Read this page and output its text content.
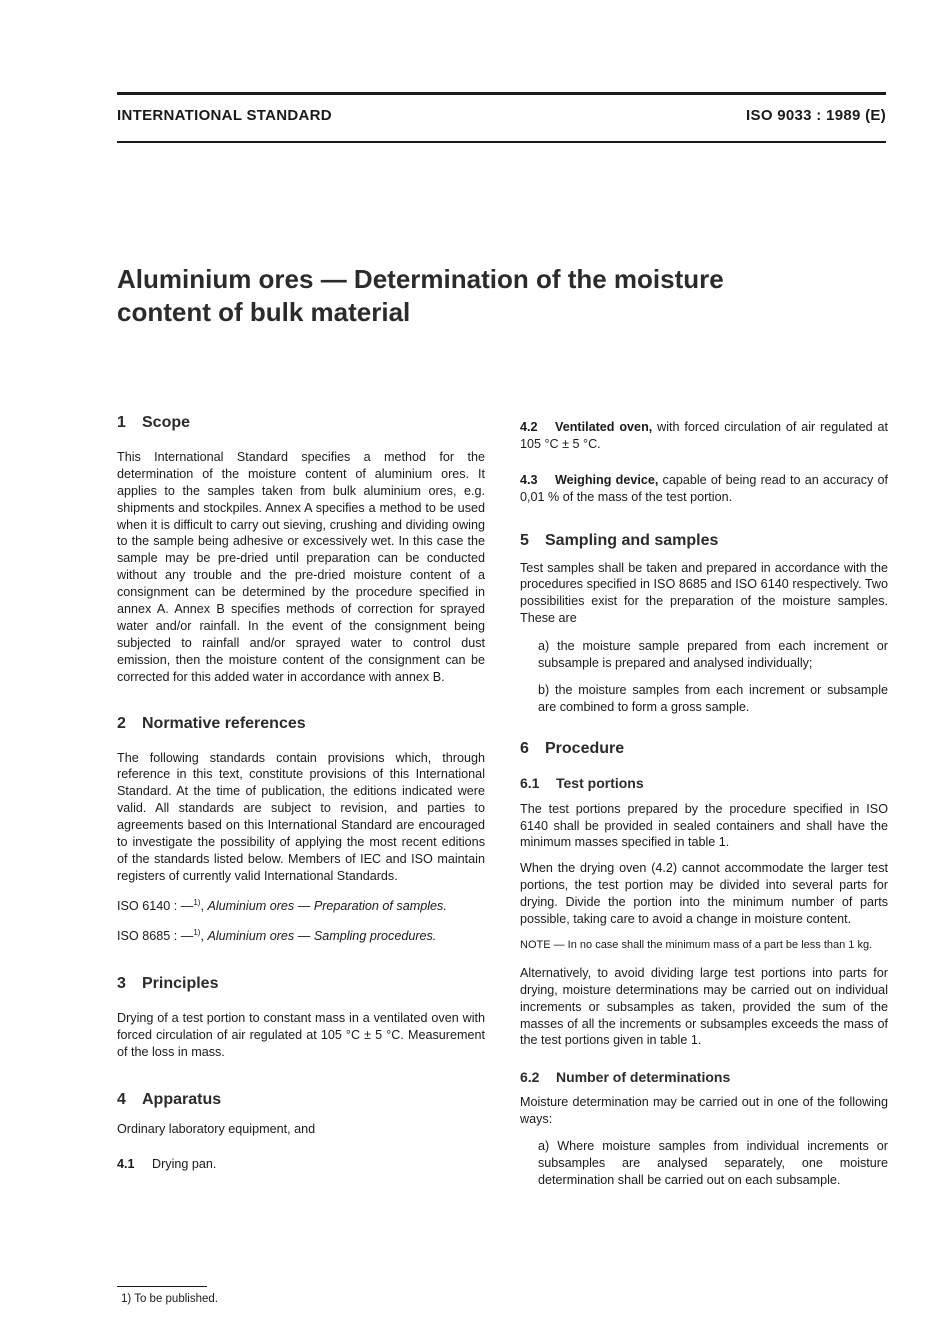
INTERNATIONAL STANDARD	ISO 9033 : 1989 (E)
Aluminium ores — Determination of the moisture
content of bulk material
1 Scope

This International Standard specifies a method for the determination of the moisture content of aluminium ores. It applies to the samples taken from bulk aluminium ores, e.g. shipments and stockpiles. Annex A specifies a method to be used when it is difficult to carry out sieving, crushing and dividing owing to the sample being adhesive or excessively wet. In this case the sample may be pre-dried until preparation can be conducted without any trouble and the pre-dried moisture content of a consignment can be determined by the procedure specified in annex A. Annex B specifies methods of correction for sprayed water and/or rainfall. In the event of the consignment being subjected to rainfall and/or sprayed water to control dust emission, then the moisture content of the consignment can be corrected for this added water in accordance with annex B.

2 Normative references

The following standards contain provisions which, through reference in this text, constitute provisions of this International Standard. At the time of publication, the editions indicated were valid. All standards are subject to revision, and parties to agreements based on this International Standard are encouraged to investigate the possibility of applying the most recent editions of the standards listed below. Members of IEC and ISO maintain registers of currently valid International Standards.

ISO 6140 : —$^{1)}$, Aluminium ores — Preparation of samples.

ISO 8685 : —$^{1)}$, Aluminium ores — Sampling procedures.

3 Principles

Drying of a test portion to constant mass in a ventilated oven with forced circulation of air regulated at 105 °C ± 5 °C. Measurement of the loss in mass.

4 Apparatus

Ordinary laboratory equipment, and

4.1 Drying pan.

4.2 Ventilated oven, with forced circulation of air regulated at 105 °C ± 5 °C.

4.3 Weighing device, capable of being read to an accuracy of 0,01 % of the mass of the test portion.

5 Sampling and samples

Test samples shall be taken and prepared in accordance with the procedures specified in ISO 8685 and ISO 6140 respectively. Two possibilities exist for the preparation of the moisture samples. These are

a) the moisture sample prepared from each increment or subsample is prepared and analysed individually;

b) the moisture samples from each increment or subsample are combined to form a gross sample.

6 Procedure
6.1 Test portions

The test portions prepared by the procedure specified in ISO 6140 shall be provided in sealed containers and shall have the minimum masses specified in table 1.

When the drying oven (4.2) cannot accommodate the larger test portions, the test portion may be divided into several parts for drying. Divide the portion into the minimum number of parts possible, taking care to avoid a change in moisture content.

NOTE — In no case shall the minimum mass of a part be less than 1 kg.

Alternatively, to avoid dividing large test portions into parts for drying, moisture determinations may be carried out on individual increments or subsamples as taken, provided the sum of the masses of all the increments or subsamples exceeds the mass of the test portions given in table 1.

6.2 Number of determinations

Moisture determination may be carried out in one of the following ways:

a) Where moisture samples from individual increments or subsamples are analysed separately, one moisture determination shall be carried out on each subsample.

1) To be published.
